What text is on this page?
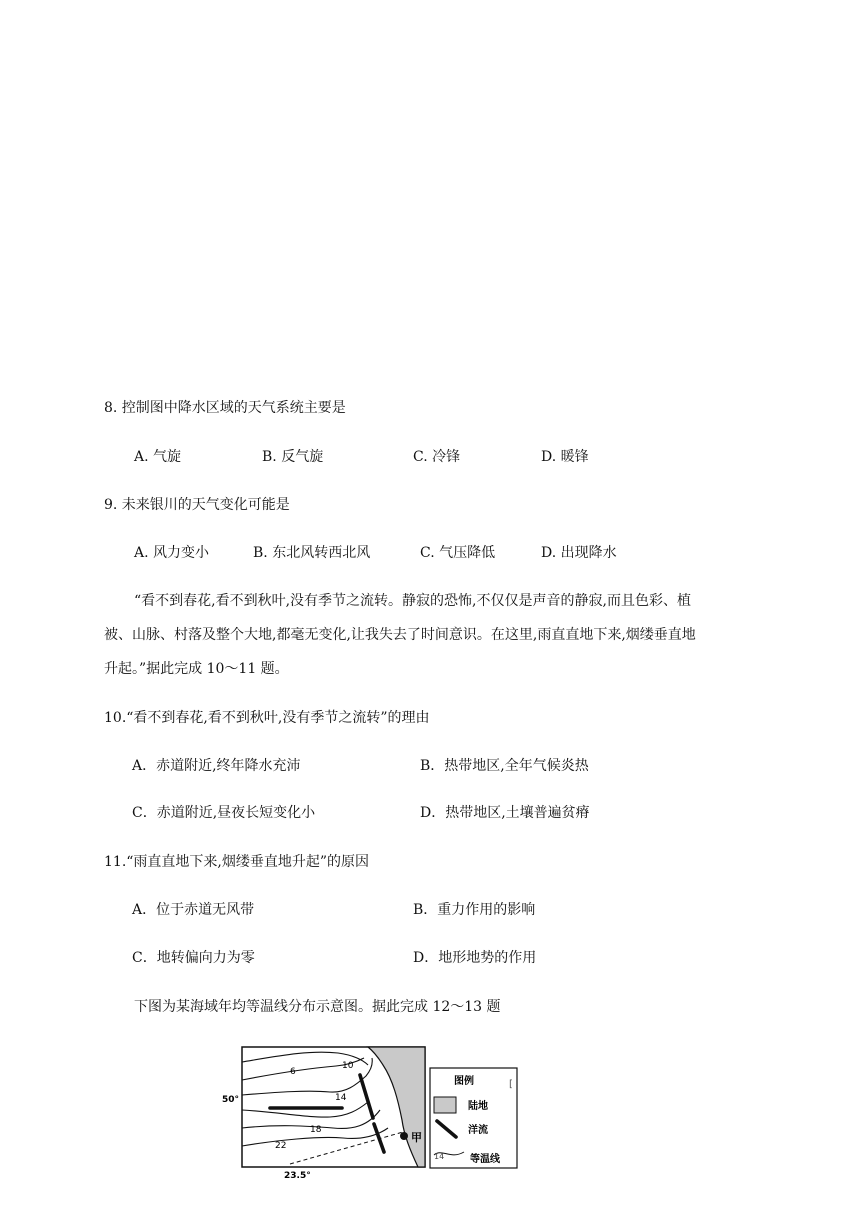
8. 控制图中降水区域的天气系统主要是
A. 气旋	B. 反气旋	C. 冷锋	D. 暖锋
9. 未来银川的天气变化可能是
A. 风力变小	B. 东北风转西北风	C. 气压降低	D. 出现降水
“看不到春花,看不到秋叶,没有季节之流转。静寂的恐怖,不仅仅是声音的静寂,而且色彩、植
被、山脉、村落及整个大地,都毫无变化,让我失去了时间意识。在这里,雨直直地下来,烟缕垂直地
升起。”据此完成 10～11 题。
10.“看不到春花,看不到秋叶,没有季节之流转”的理由
A．赤道附近,终年降水充沛	B．热带地区,全年气候炎热
C．赤道附近,昼夜长短变化小	D．热带地区,土壤普遍贫瘠
11.“雨直直地下来,烟缕垂直地升起”的原因
A．位于赤道无风带	B．重力作用的影响
C．地转偏向力为零	D．地形地势的作用
下图为某海域年均等温线分布示意图。据此完成 12～13 题
甲
6
10
14
18
22
50°
23.5°
图例
陆地
洋流
14	等温线
[
